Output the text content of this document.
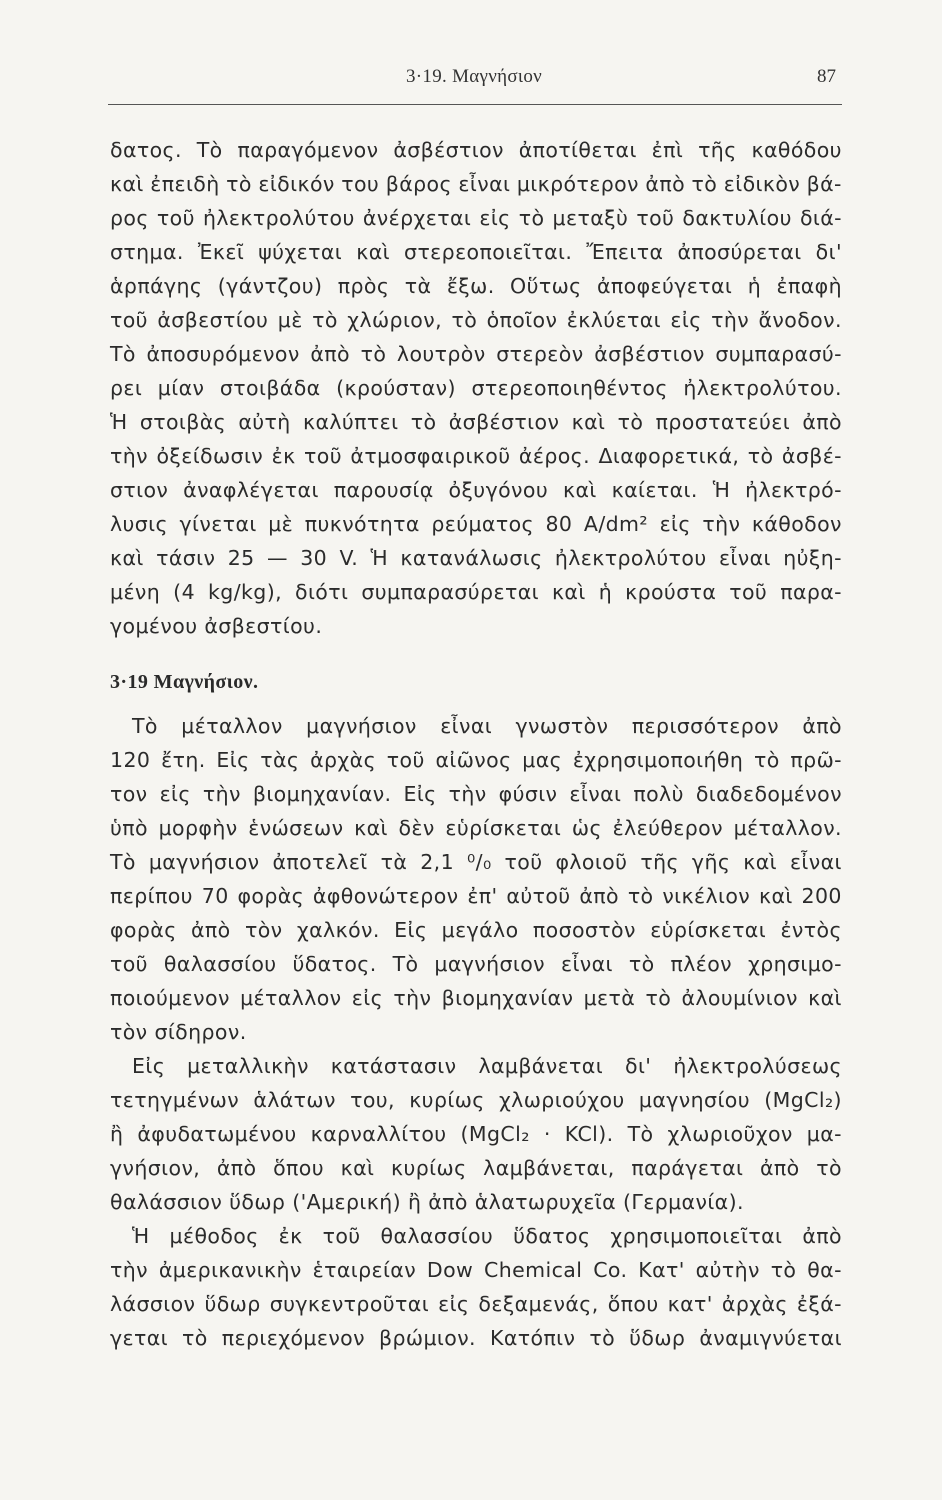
3·19. Μαγνήσιον	87
δατος. Τὸ παραγόμενον ἀσβέστιον ἀποτίθεται ἐπὶ τῆς καθόδου
καὶ ἐπειδὴ τὸ εἰδικόν του βάρος εἶναι μικρότερον ἀπὸ τὸ εἰδικὸν βά-
ρος τοῦ ἠλεκτρολύτου ἀνέρχεται εἰς τὸ μεταξὺ τοῦ δακτυλίου διά-
στημα. Ἐκεῖ ψύχεται καὶ στερεοποιεῖται. Ἔπειτα ἀποσύρεται δι'
ἁρπάγης (γάντζου) πρὸς τὰ ἔξω. Οὕτως ἀποφεύγεται ἡ ἐπαφὴ
τοῦ ἀσβεστίου μὲ τὸ χλώριον, τὸ ὁποῖον ἐκλύεται εἰς τὴν ἄνοδον.
Τὸ ἀποσυρόμενον ἀπὸ τὸ λουτρὸν στερεὸν ἀσβέστιον συμπαρασύ-
ρει μίαν στοιβάδα (κρούσταν) στερεοποιηθέντος ἠλεκτρολύτου.
Ἡ στοιβὰς αὐτὴ καλύπτει τὸ ἀσβέστιον καὶ τὸ προστατεύει ἀπὸ
τὴν ὀξείδωσιν ἐκ τοῦ ἀτμοσφαιρικοῦ ἀέρος. Διαφορετικά, τὸ ἀσβέ-
στιον ἀναφλέγεται παρουσίᾳ ὀξυγόνου καὶ καίεται. Ἡ ἠλεκτρό-
λυσις γίνεται μὲ πυκνότητα ρεύματος 80 A/dm² εἰς τὴν κάθοδον
καὶ τάσιν 25 — 30 V. Ἡ κατανάλωσις ἠλεκτρολύτου εἶναι ηὐξη-
μένη (4 kg/kg), διότι συμπαρασύρεται καὶ ἡ κρούστα τοῦ παρα-
γομένου ἀσβεστίου.
3·19 Μαγνήσιον.
Τὸ μέταλλον μαγνήσιον εἶναι γνωστὸν περισσότερον ἀπὸ
120 ἔτη. Εἰς τὰς ἀρχὰς τοῦ αἰῶνος μας ἐχρησιμοποιήθη τὸ πρῶ-
τον εἰς τὴν βιομηχανίαν. Εἰς τὴν φύσιν εἶναι πολὺ διαδεδομένον
ὑπὸ μορφὴν ἑνώσεων καὶ δὲν εὑρίσκεται ὡς ἐλεύθερον μέταλλον.
Τὸ μαγνήσιον ἀποτελεῖ τὰ 2,1 ⁰/₀ τοῦ φλοιοῦ τῆς γῆς καὶ εἶναι
περίπου 70 φορὰς ἀφθονώτερον ἐπ' αὐτοῦ ἀπὸ τὸ νικέλιον καὶ 200
φορὰς ἀπὸ τὸν χαλκόν. Εἰς μεγάλο ποσοστὸν εὑρίσκεται ἐντὸς
τοῦ θαλασσίου ὕδατος. Τὸ μαγνήσιον εἶναι τὸ πλέον χρησιμο-
ποιούμενον μέταλλον εἰς τὴν βιομηχανίαν μετὰ τὸ ἀλουμίνιον καὶ
τὸν σίδηρον.
Εἰς μεταλλικὴν κατάστασιν λαμβάνεται δι' ἠλεκτρολύσεως
τετηγμένων ἁλάτων του, κυρίως χλωριούχου μαγνησίου (MgCl₂)
ἢ ἀφυδατωμένου καρναλλίτου (MgCl₂ · KCl). Τὸ χλωριοῦχον μα-
γνήσιον, ἀπὸ ὅπου καὶ κυρίως λαμβάνεται, παράγεται ἀπὸ τὸ
θαλάσσιον ὕδωρ ('Αμερική) ἢ ἀπὸ ἁλατωρυχεῖα (Γερμανία).
Ἡ μέθοδος ἐκ τοῦ θαλασσίου ὕδατος χρησιμοποιεῖται ἀπὸ
τὴν ἀμερικανικὴν ἑταιρείαν Dow Chemical Co. Κατ' αὐτὴν τὸ θα-
λάσσιον ὕδωρ συγκεντροῦται εἰς δεξαμενάς, ὅπου κατ' ἀρχὰς ἐξά-
γεται τὸ περιεχόμενον βρώμιον. Κατόπιν τὸ ὕδωρ ἀναμιγνύεται
